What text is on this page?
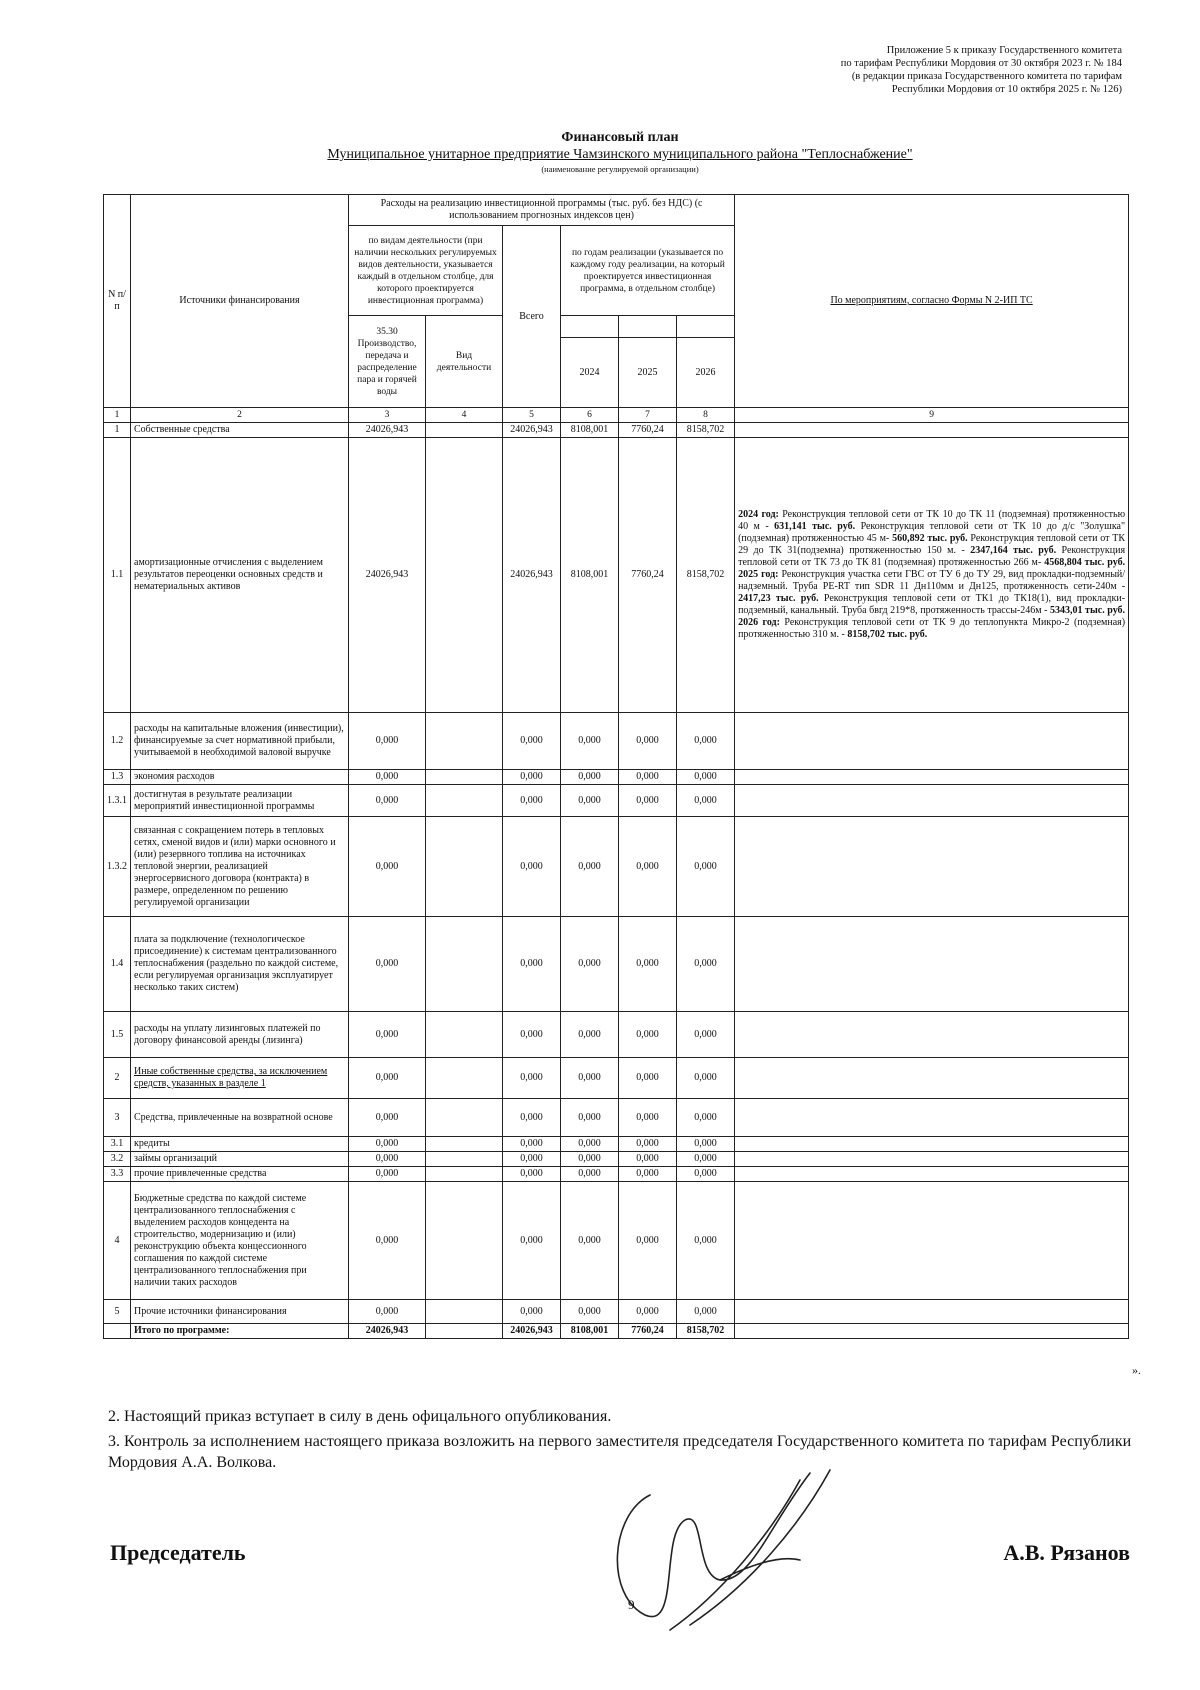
Приложение 5 к приказу Государственного комитета
по тарифам Республики Мордовия от 30 октября 2023 г. № 184
(в редакции приказа Государственного комитета по тарифам
Республики Мордовия от 10 октября 2025 г. № 126)
Финансовый план
Муниципальное унитарное предприятие Чамзинского муниципального района "Теплоснабжение"
(наименование регулируемой организации)
N п/п	Источники финансирования	Расходы на реализацию инвестиционной программы (тыс. руб. без НДС) (с использованием прогнозных индексов цен)						По мероприятиям, согласно Формы N 2-ИП ТС
		по видам деятельности (при наличии нескольких регулируемых видов деятельности, указывается каждый в отдельном столбце, для которого проектируется инвестиционная программа)		Всего	по годам реализации (указывается по каждому году реализации, на который проектируется инвестиционная программа, в отдельном столбце)			
		35.30 Производство, передача и распределение пара и горячей воды	Вид деятельности					
					2024	2025	2026	
1	2	3	4	5	6	7	8	9
1	Собственные средства	24026,943		24026,943	8108,001	7760,24	8158,702	
1.1	амортизационные отчисления с выделением результатов переоценки основных средств и нематериальных активов	24026,943		24026,943	8108,001	7760,24	8158,702	2024 год: Реконструкция тепловой сети от ТК 10 до ТК 11 (подземная) протяженностью 40 м - 631,141 тыс. руб. Реконструкция тепловой сети от ТК 10 до д/с "Золушка" (подземная) протяженностью 45 м- 560,892 тыс. руб. Реконструкция тепловой сети от ТК 29 до ТК 31(подземна) протяженностью 150 м. - 2347,164 тыс. руб. Реконструкция тепловой сети от ТК 73 до ТК 81 (подземная) протяженностью 266 м- 4568,804 тыс. руб. 2025 год: Реконструкция участка сети ГВС от ТУ 6 до ТУ 29, вид прокладки-подземный/надземный. Труба PE-RT тип SDR 11 Дн110мм и Дн125, протяженность сети-240м - 2417,23 тыс. руб. Реконструкция тепловой сети от ТК1 до ТК18(1), вид прокладки- подземный, канальный. Труба бвгд 219*8, протяженность трассы-246м - 5343,01 тыс. руб. 2026 год: Реконструкция тепловой сети от ТК 9 до теплопункта Микро-2 (подземная) протяженностью 310 м. - 8158,702 тыс. руб.
1.2	расходы на капитальные вложения (инвестиции), финансируемые за счет нормативной прибыли, учитываемой в необходимой валовой выручке	0,000		0,000	0,000	0,000	0,000	
1.3	экономия расходов	0,000		0,000	0,000	0,000	0,000	
1.3.1	достигнутая в результате реализации мероприятий инвестиционной программы	0,000		0,000	0,000	0,000	0,000	
1.3.2	связанная с сокращением потерь в тепловых сетях, сменой видов и (или) марки основного и (или) резервного топлива на источниках тепловой энергии, реализацией энергосервисного договора (контракта) в размере, определенном по решению регулируемой организации	0,000		0,000	0,000	0,000	0,000	
1.4	плата за подключение (технологическое присоединение) к системам централизованного теплоснабжения (раздельно по каждой системе, если регулируемая организация эксплуатирует несколько таких систем)	0,000		0,000	0,000	0,000	0,000	
1.5	расходы на уплату лизинговых платежей по договору финансовой аренды (лизинга)	0,000		0,000	0,000	0,000	0,000	
2	Иные собственные средства, за исключением средств, указанных в разделе 1	0,000		0,000	0,000	0,000	0,000	
3	Средства, привлеченные на возвратной основе	0,000		0,000	0,000	0,000	0,000	
3.1	кредиты	0,000		0,000	0,000	0,000	0,000	
3.2	займы организаций	0,000		0,000	0,000	0,000	0,000	
3.3	прочие привлеченные средства	0,000		0,000	0,000	0,000	0,000	
4	Бюджетные средства по каждой системе централизованного теплоснабжения с выделением расходов концедента на строительство, модернизацию и (или) реконструкцию объекта концессионного соглашения по каждой системе централизованного теплоснабжения при наличии таких расходов	0,000		0,000	0,000	0,000	0,000	
5	Прочие источники финансирования	0,000		0,000	0,000	0,000	0,000	
	Итого по программе:	24026,943		24026,943	8108,001	7760,24	8158,702	
».
2. Настоящий приказ вступает в силу в день офицального опубликования.
3. Контроль за исполнением настоящего приказа возложить на первого заместителя председателя Государственного комитета по тарифам Республики Мордовия А.А. Волкова.
Председатель
9
А.В. Рязанов
